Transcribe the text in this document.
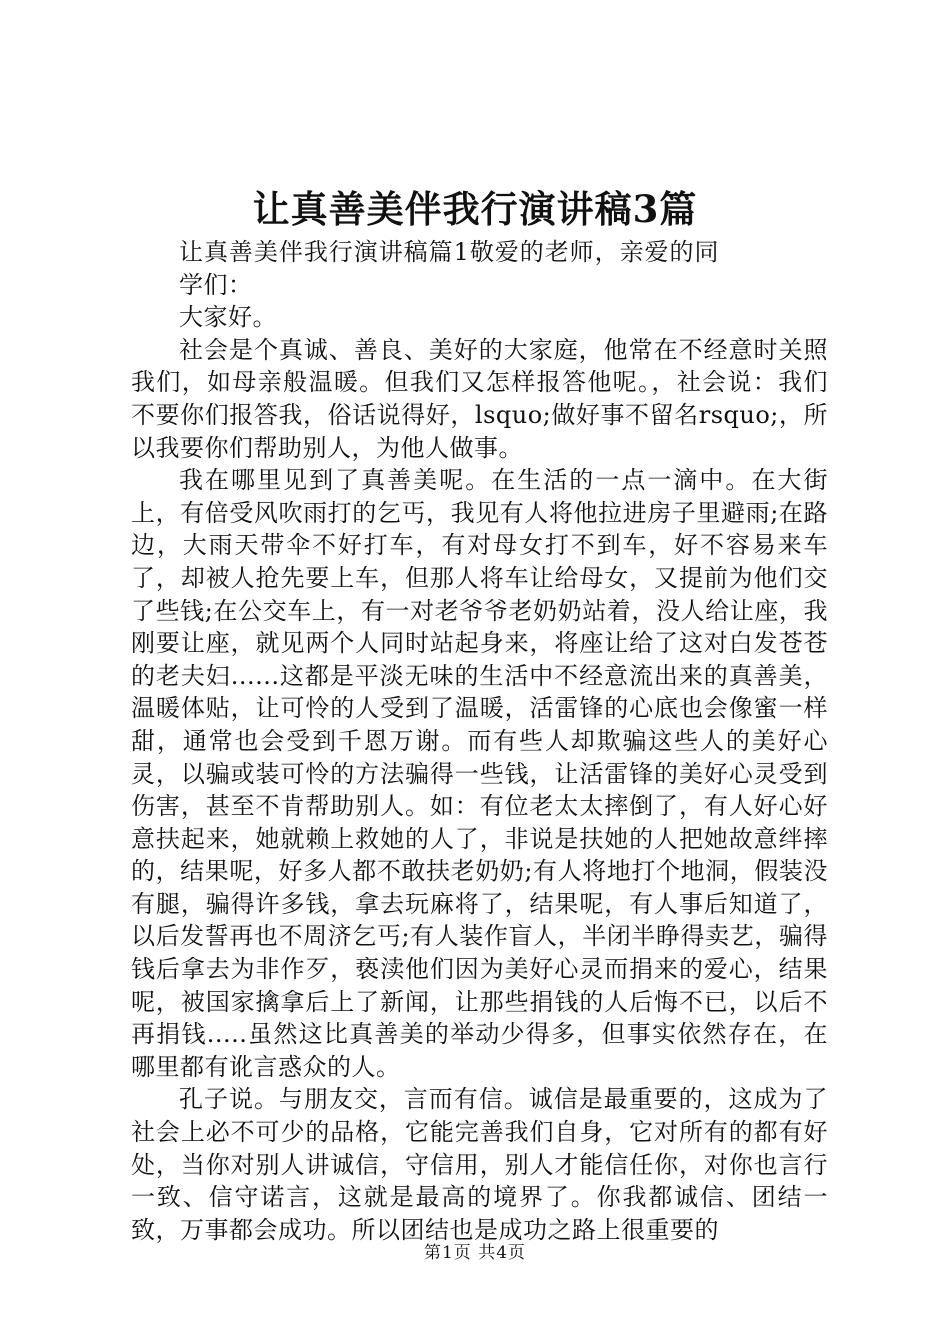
让真善美伴我行演讲稿3篇

让真善美伴我行演讲稿篇1敬爱的老师，亲爱的同学们：

大家好。

社会是个真诚、善良、美好的大家庭，他常在不经意时关照我们，如母亲般温暖。但我们又怎样报答他呢。，社会说：我们不要你们报答我，俗话说得好，lsquo;做好事不留名rsquo;，所以我要你们帮助别人，为他人做事。

我在哪里见到了真善美呢。在生活的一点一滴中。在大街上，有倍受风吹雨打的乞丐，我见有人将他拉进房子里避雨;在路边，大雨天带伞不好打车，有对母女打不到车，好不容易来车了，却被人抢先要上车，但那人将车让给母女，又提前为他们交了些钱;在公交车上，有一对老爷爷老奶奶站着，没人给让座，我刚要让座，就见两个人同时站起身来，将座让给了这对白发苍苍的老夫妇......这都是平淡无味的生活中不经意流出来的真善美，温暖体贴，让可怜的人受到了温暖，活雷锋的心底也会像蜜一样甜，通常也会受到千恩万谢。而有些人却欺骗这些人的美好心灵，以骗或装可怜的方法骗得一些钱，让活雷锋的美好心灵受到伤害，甚至不肯帮助别人。如：有位老太太摔倒了，有人好心好意扶起来，她就赖上救她的人了，非说是扶她的人把她故意绊摔的，结果呢，好多人都不敢扶老奶奶;有人将地打个地洞，假装没有腿，骗得许多钱，拿去玩麻将了，结果呢，有人事后知道了，以后发誓再也不周济乞丐;有人装作盲人，半闭半睁得卖艺，骗得钱后拿去为非作歹，亵渎他们因为美好心灵而捐来的爱心，结果呢，被国家擒拿后上了新闻，让那些捐钱的人后悔不已，以后不再捐钱.....虽然这比真善美的举动少得多，但事实依然存在，在哪里都有讹言惑众的人。

孔子说。与朋友交，言而有信。诚信是最重要的，这成为了社会上必不可少的品格，它能完善我们自身，它对所有的都有好处，当你对别人讲诚信，守信用，别人才能信任你，对你也言行一致、信守诺言，这就是最高的境界了。你我都诚信、团结一致，万事都会成功。所以团结也是成功之路上很重要的

第1页 共4页
